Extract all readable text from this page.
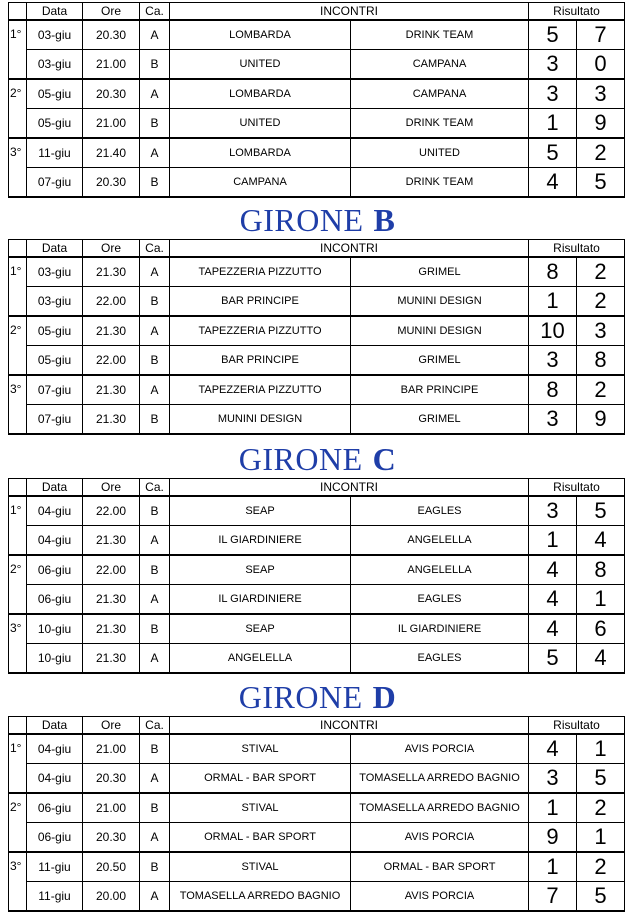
	Data	Ore	Ca.	INCONTRI		Risultato	
1°	03-giu	20.30	A	LOMBARDA	DRINK TEAM	5	7
	03-giu	21.00	B	UNITED	CAMPANA	3	0
2°	05-giu	20.30	A	LOMBARDA	CAMPANA	3	3
	05-giu	21.00	B	UNITED	DRINK TEAM	1	9
3°	11-giu	21.40	A	LOMBARDA	UNITED	5	2
	07-giu	20.30	B	CAMPANA	DRINK TEAM	4	5
GIRONE B
	Data	Ore	Ca.	INCONTRI		Risultato	
1°	03-giu	21.30	A	TAPEZZERIA PIZZUTTO	GRIMEL	8	2
	03-giu	22.00	B	BAR PRINCIPE	MUNINI DESIGN	1	2
2°	05-giu	21.30	A	TAPEZZERIA PIZZUTTO	MUNINI DESIGN	10	3
	05-giu	22.00	B	BAR PRINCIPE	GRIMEL	3	8
3°	07-giu	21.30	A	TAPEZZERIA PIZZUTTO	BAR PRINCIPE	8	2
	07-giu	21.30	B	MUNINI DESIGN	GRIMEL	3	9
GIRONE C
	Data	Ore	Ca.	INCONTRI		Risultato	
1°	04-giu	22.00	B	SEAP	EAGLES	3	5
	04-giu	21.30	A	IL GIARDINIERE	ANGELELLA	1	4
2°	06-giu	22.00	B	SEAP	ANGELELLA	4	8
	06-giu	21.30	A	IL GIARDINIERE	EAGLES	4	1
3°	10-giu	21.30	B	SEAP	IL GIARDINIERE	4	6
	10-giu	21.30	A	ANGELELLA	EAGLES	5	4
GIRONE D
	Data	Ore	Ca.	INCONTRI		Risultato	
1°	04-giu	21.00	B	STIVAL	AVIS PORCIA	4	1
	04-giu	20.30	A	ORMAL - BAR SPORT	TOMASELLA ARREDO BAGNIO	3	5
2°	06-giu	21.00	B	STIVAL	TOMASELLA ARREDO BAGNIO	1	2
	06-giu	20.30	A	ORMAL - BAR SPORT	AVIS PORCIA	9	1
3°	11-giu	20.50	B	STIVAL	ORMAL - BAR SPORT	1	2
	11-giu	20.00	A	TOMASELLA ARREDO BAGNIO	AVIS PORCIA	7	5
